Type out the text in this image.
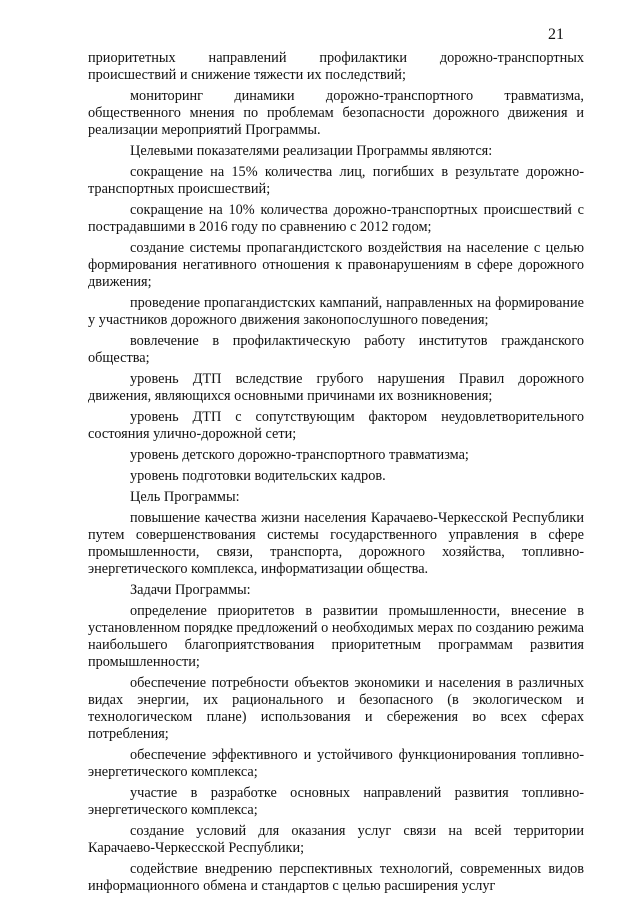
21

приоритетных направлений профилактики дорожно-транспортных происшествий и снижение тяжести их последствий;

мониторинг динамики дорожно-транспортного травматизма, общественного мнения по проблемам безопасности дорожного движения и реализации мероприятий Программы.

Целевыми показателями реализации Программы являются:

сокращение на 15% количества лиц, погибших в результате дорожно-транспортных происшествий;

сокращение на 10% количества дорожно-транспортных происшествий с пострадавшими в 2016 году по сравнению с 2012 годом;

создание системы пропагандистского воздействия на население с целью формирования негативного отношения к правонарушениям в сфере дорожного движения;

проведение пропагандистских кампаний, направленных на формирование у участников дорожного движения законопослушного поведения;

вовлечение в профилактическую работу институтов гражданского общества;

уровень ДТП вследствие грубого нарушения Правил дорожного движения, являющихся основными причинами их возникновения;

уровень ДТП с сопутствующим фактором неудовлетворительного состояния улично-дорожной сети;

уровень детского дорожно-транспортного травматизма;

уровень подготовки водительских кадров.

Цель Программы:

повышение качества жизни населения Карачаево-Черкесской Республики путем совершенствования системы государственного управления в сфере промышленности, связи, транспорта, дорожного хозяйства, топливно-энергетического комплекса, информатизации общества.

Задачи Программы:

определение приоритетов в развитии промышленности, внесение в установленном порядке предложений о необходимых мерах по созданию режима наибольшего благоприятствования приоритетным программам развития промышленности;

обеспечение потребности объектов экономики и населения в различных видах энергии, их рационального и безопасного (в экологическом и технологическом плане) использования и сбережения во всех сферах потребления;

обеспечение эффективного и устойчивого функционирования топливно-энергетического комплекса;

участие в разработке основных направлений развития топливно-энергетического комплекса;

создание условий для оказания услуг связи на всей территории Карачаево-Черкесской Республики;

содействие внедрению перспективных технологий, современных видов информационного обмена и стандартов с целью расширения услуг
